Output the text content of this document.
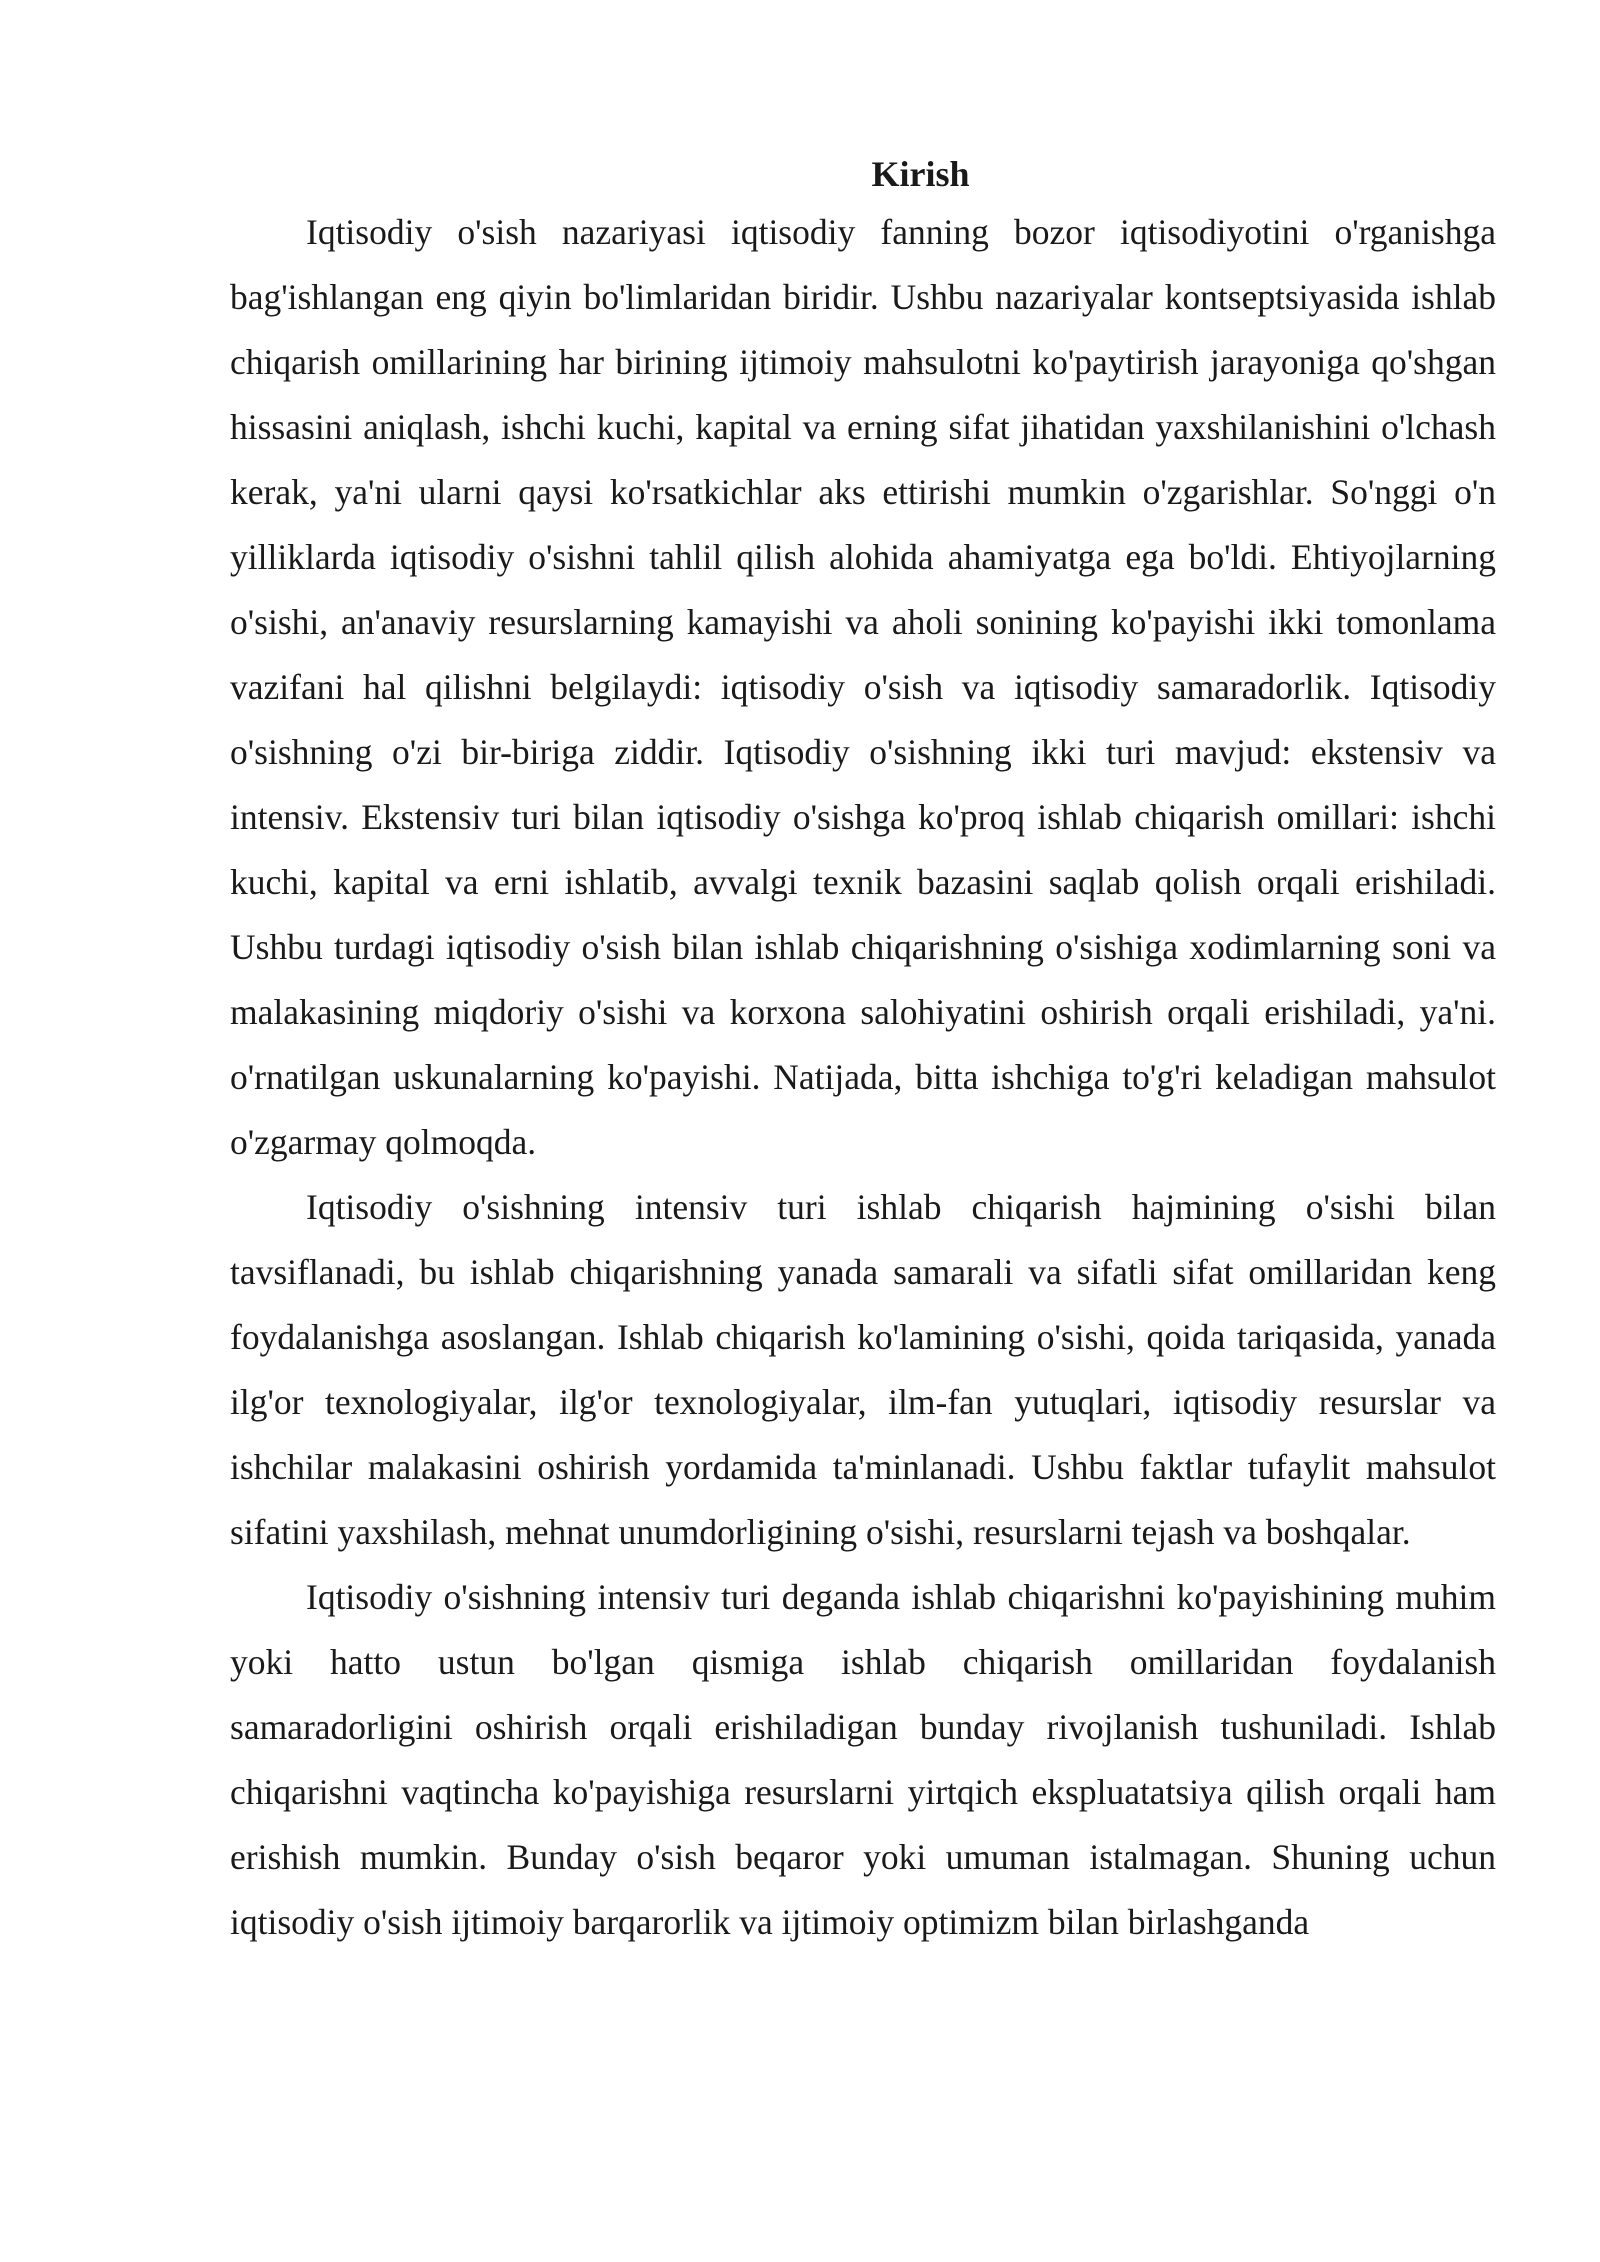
Kirish

Iqtisodiy o'sish nazariyasi iqtisodiy fanning bozor iqtisodiyotini o'rganishga bag'ishlangan eng qiyin bo'limlaridan biridir. Ushbu nazariyalar kontseptsiyasida ishlab chiqarish omillarining har birining ijtimoiy mahsulotni ko'paytirish jarayoniga qo'shgan hissasini aniqlash, ishchi kuchi, kapital va erning sifat jihatidan yaxshilanishini o'lchash kerak, ya'ni ularni qaysi ko'rsatkichlar aks ettirishi mumkin o'zgarishlar. So'nggi o'n yilliklarda iqtisodiy o'sishni tahlil qilish alohida ahamiyatga ega bo'ldi. Ehtiyojlarning o'sishi, an'anaviy resurslarning kamayishi va aholi sonining ko'payishi ikki tomonlama vazifani hal qilishni belgilaydi: iqtisodiy o'sish va iqtisodiy samaradorlik. Iqtisodiy o'sishning o'zi bir-biriga ziddir. Iqtisodiy o'sishning ikki turi mavjud: ekstensiv va intensiv. Ekstensiv turi bilan iqtisodiy o'sishga ko'proq ishlab chiqarish omillari: ishchi kuchi, kapital va erni ishlatib, avvalgi texnik bazasini saqlab qolish orqali erishiladi. Ushbu turdagi iqtisodiy o'sish bilan ishlab chiqarishning o'sishiga xodimlarning soni va malakasining miqdoriy o'sishi va korxona salohiyatini oshirish orqali erishiladi, ya'ni. o'rnatilgan uskunalarning ko'payishi. Natijada, bitta ishchiga to'g'ri keladigan mahsulot o'zgarmay qolmoqda.

Iqtisodiy o'sishning intensiv turi ishlab chiqarish hajmining o'sishi bilan tavsiflanadi, bu ishlab chiqarishning yanada samarali va sifatli sifat omillaridan keng foydalanishga asoslangan. Ishlab chiqarish ko'lamining o'sishi, qoida tariqasida, yanada ilg'or texnologiyalar, ilg'or texnologiyalar, ilm-fan yutuqlari, iqtisodiy resurslar va ishchilar malakasini oshirish yordamida ta'minlanadi. Ushbu faktlar tufaylit mahsulot sifatini yaxshilash, mehnat unumdorligining o'sishi, resurslarni tejash va boshqalar.

Iqtisodiy o'sishning intensiv turi deganda ishlab chiqarishni ko'payishining muhim yoki hatto ustun bo'lgan qismiga ishlab chiqarish omillaridan foydalanish samaradorligini oshirish orqali erishiladigan bunday rivojlanish tushuniladi. Ishlab chiqarishni vaqtincha ko'payishiga resurslarni yirtqich ekspluatatsiya qilish orqali ham erishish mumkin. Bunday o'sish beqaror yoki umuman istalmagan. Shuning uchun iqtisodiy o'sish ijtimoiy barqarorlik va ijtimoiy optimizm bilan birlashganda
